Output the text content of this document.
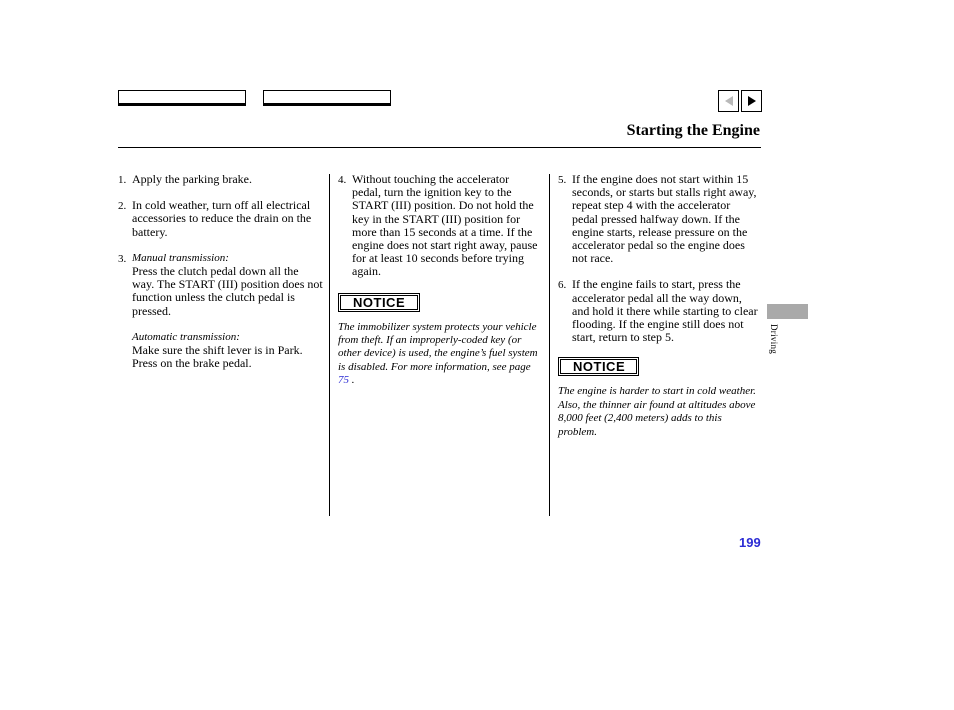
Starting the Engine
1. Apply the parking brake.
2. In cold weather, turn off all electrical accessories to reduce the drain on the battery.
3. Manual transmission:
Press the clutch pedal down all the way. The START (III) position does not function unless the clutch pedal is pressed.
Automatic transmission:
Make sure the shift lever is in Park. Press on the brake pedal.
4. Without touching the accelerator pedal, turn the ignition key to the START (III) position. Do not hold the key in the START (III) position for more than 15 seconds at a time. If the engine does not start right away, pause for at least 10 seconds before trying again.
NOTICE
The immobilizer system protects your vehicle from theft. If an improperly-coded key (or other device) is used, the engine’s fuel system is disabled. For more information, see page 75 .
5. If the engine does not start within 15 seconds, or starts but stalls right away, repeat step 4 with the accelerator pedal pressed halfway down. If the engine starts, release pressure on the accelerator pedal so the engine does not race.
6. If the engine fails to start, press the accelerator pedal all the way down, and hold it there while starting to clear flooding. If the engine still does not start, return to step 5.
NOTICE
The engine is harder to start in cold weather. Also, the thinner air found at altitudes above 8,000 feet (2,400 meters) adds to this problem.
Driving
199
